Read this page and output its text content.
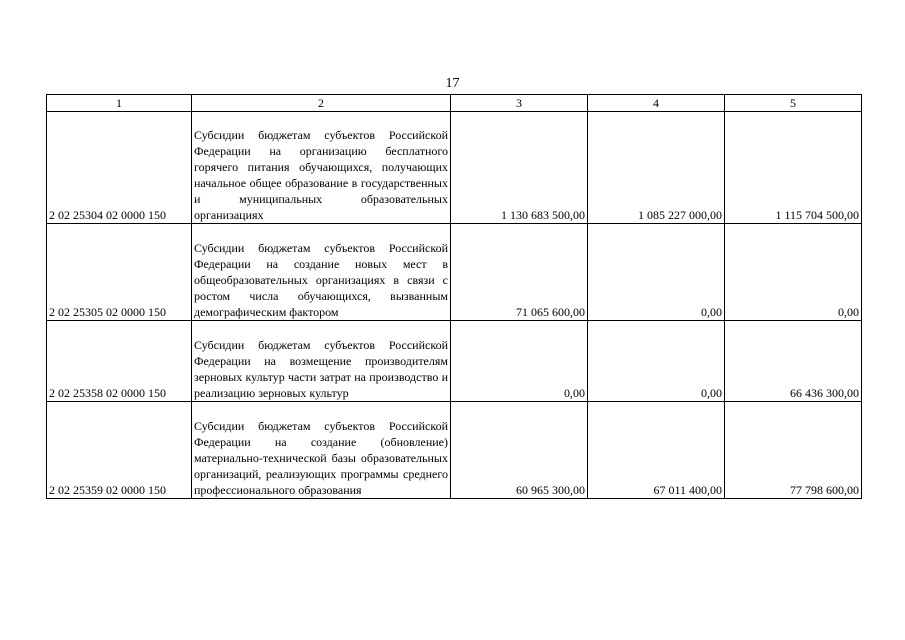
17
1	2	3	4	5
2 02 25304 02 0000 150	Субсидии бюджетам субъектов Российской Федерации на организацию бесплатного горячего питания обучающихся, получающих начальное общее образование в государственных и муниципальных образовательных организациях	1 130 683 500,00	1 085 227 000,00	1 115 704 500,00
2 02 25305 02 0000 150	Субсидии бюджетам субъектов Российской Федерации на создание новых мест в общеобразовательных организациях в связи с ростом числа обучающихся, вызванным демографическим фактором	71 065 600,00	0,00	0,00
2 02 25358 02 0000 150	Субсидии бюджетам субъектов Российской Федерации на возмещение производителям зерновых культур части затрат на производство и реализацию зерновых культур	0,00	0,00	66 436 300,00
2 02 25359 02 0000 150	Субсидии бюджетам субъектов Российской Федерации на создание (обновление) материально-технической базы образовательных организаций, реализующих программы среднего профессионального образования	60 965 300,00	67 011 400,00	77 798 600,00
